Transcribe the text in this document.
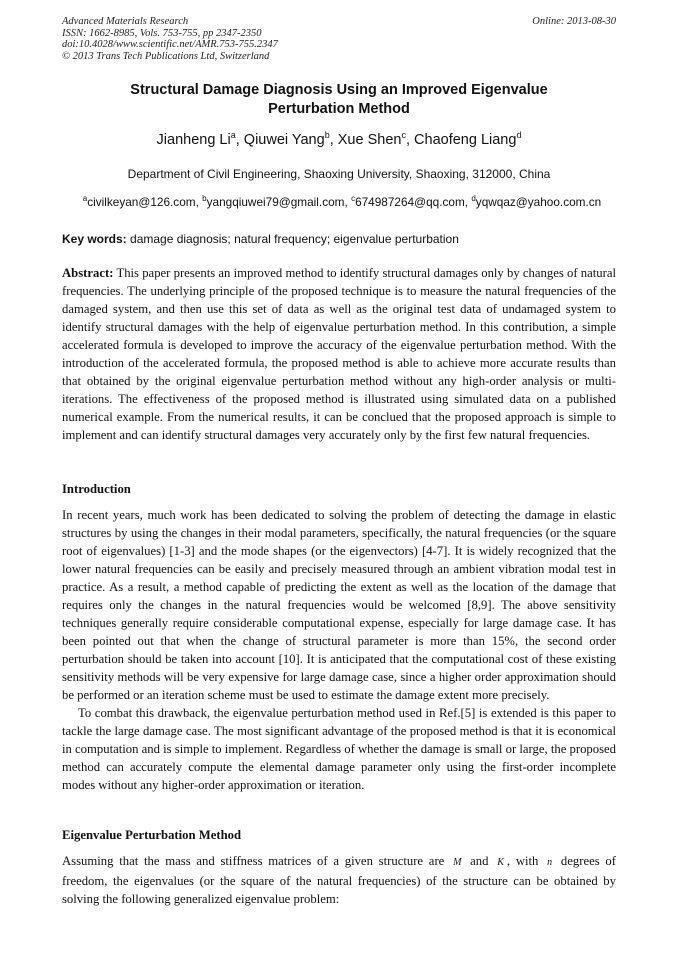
Advanced Materials Research
ISSN: 1662-8985, Vols. 753-755, pp 2347-2350
doi:10.4028/www.scientific.net/AMR.753-755.2347
© 2013 Trans Tech Publications Ltd, Switzerland
Online: 2013-08-30
Structural Damage Diagnosis Using an Improved Eigenvalue
Perturbation Method
Jianheng Li$^a$, Qiuwei Yang$^b$, Xue Shen$^c$, Chaofeng Liang$^d$
Department of Civil Engineering, Shaoxing University, Shaoxing, 312000, China
$^a$civilkeyan@126.com, $^b$yangqiuwei79@gmail.com, $^c$674987264@qq.com, $^d$yqwqaz@yahoo.com.cn
Key words: damage diagnosis; natural frequency; eigenvalue perturbation
Abstract: This paper presents an improved method to identify structural damages only by changes of natural frequencies. The underlying principle of the proposed technique is to measure the natural frequencies of the damaged system, and then use this set of data as well as the original test data of undamaged system to identify structural damages with the help of eigenvalue perturbation method. In this contribution, a simple accelerated formula is developed to improve the accuracy of the eigenvalue perturbation method. With the introduction of the accelerated formula, the proposed method is able to achieve more accurate results than that obtained by the original eigenvalue perturbation method without any high-order analysis or multi-iterations. The effectiveness of the proposed method is illustrated using simulated data on a published numerical example. From the numerical results, it can be conclued that the proposed approach is simple to implement and can identify structural damages very accurately only by the first few natural frequencies.
Introduction

In recent years, much work has been dedicated to solving the problem of detecting the damage in elastic structures by using the changes in their modal parameters, specifically, the natural frequencies (or the square root of eigenvalues) [1-3] and the mode shapes (or the eigenvectors) [4-7]. It is widely recognized that the lower natural frequencies can be easily and precisely measured through an ambient vibration modal test in practice. As a result, a method capable of predicting the extent as well as the location of the damage that requires only the changes in the natural frequencies would be welcomed [8,9]. The above sensitivity techniques generally require considerable computational expense, especially for large damage case. It has been pointed out that when the change of structural parameter is more than 15%, the second order perturbation should be taken into account [10]. It is anticipated that the computational cost of these existing sensitivity methods will be very expensive for large damage case, since a higher order approximation should be performed or an iteration scheme must be used to estimate the damage extent more precisely.

To combat this drawback, the eigenvalue perturbation method used in Ref.[5] is extended is this paper to tackle the large damage case. The most significant advantage of the proposed method is that it is economical in computation and is simple to implement. Regardless of whether the damage is small or large, the proposed method can accurately compute the elemental damage parameter only using the first-order incomplete modes without any higher-order approximation or iteration.

Eigenvalue Perturbation Method
Assuming that the mass and stiffness matrices of a given structure are M and K , with n degrees of freedom, the eigenvalues (or the square of the natural frequencies) of the structure can be obtained by solving the following generalized eigenvalue problem:
